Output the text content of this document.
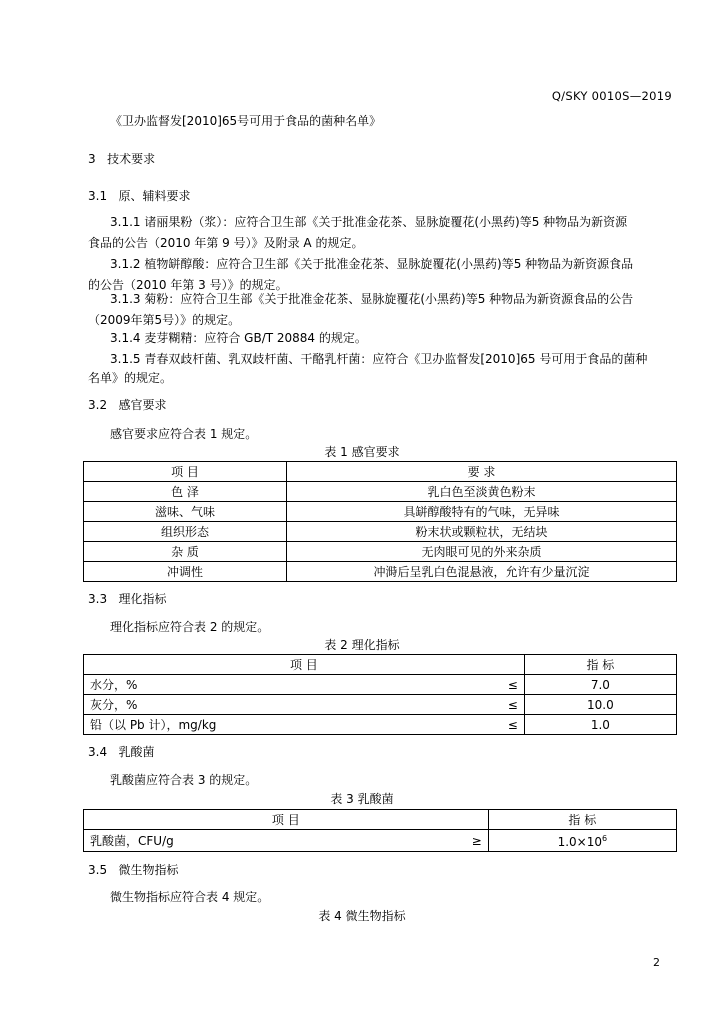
Q/SKY 0010S—2019
《卫办监督发[2010]65号可用于食品的菌种名单》
3 技术要求
3.1 原、辅料要求
3.1.1 诸丽果粉（浆）：应符合卫生部《关于批准金花茶、显脉旋覆花(小黑药)等5 种物品为新资源
食品的公告（2010 年第 9 号）》及附录 A 的规定。
3.1.2 植物缾醇酸：应符合卫生部《关于批准金花茶、显脉旋覆花(小黑药)等5 种物品为新资源食品
的公告（2010 年第 3 号）》的规定。
3.1.3 菊粉：应符合卫生部《关于批准金花茶、显脉旋覆花(小黑药)等5 种物品为新资源食品的公告
（2009年第5号）》的规定。
3.1.4 麦芽糊精：应符合 GB/T 20884 的规定。
3.1.5 青春双歧杆菌、乳双歧杆菌、干酪乳杆菌：应符合《卫办监督发[2010]65 号可用于食品的菌种
名单》的规定。
3.2 感官要求
感官要求应符合表 1 规定。
表 1 感官要求
项 目	要 求
色 泽	乳白色至淡黄色粉末
滋味、气味	具缾醇酸特有的气味，无异味
组织形态	粉末状或颗粒状，无结块
杂 质	无肉眼可见的外来杂质
冲调性	冲溡后呈乳白色混悬液，允许有少量沉淀
3.3 理化指标
理化指标应符合表 2 的规定。
表 2 理化指标
项 目		指 标
水分，%	≤	7.0
灰分，%	≤	10.0
铅（以 Pb 计），mg/kg	≤	1.0
3.4 乳酸菌
乳酸菌应符合表 3 的规定。
表 3 乳酸菌
项 目		指 标
乳酸菌，CFU/g	≥	$1.0\times 10^6$
3.5 微生物指标
微生物指标应符合表 4 规定。
表 4 微生物指标
2
